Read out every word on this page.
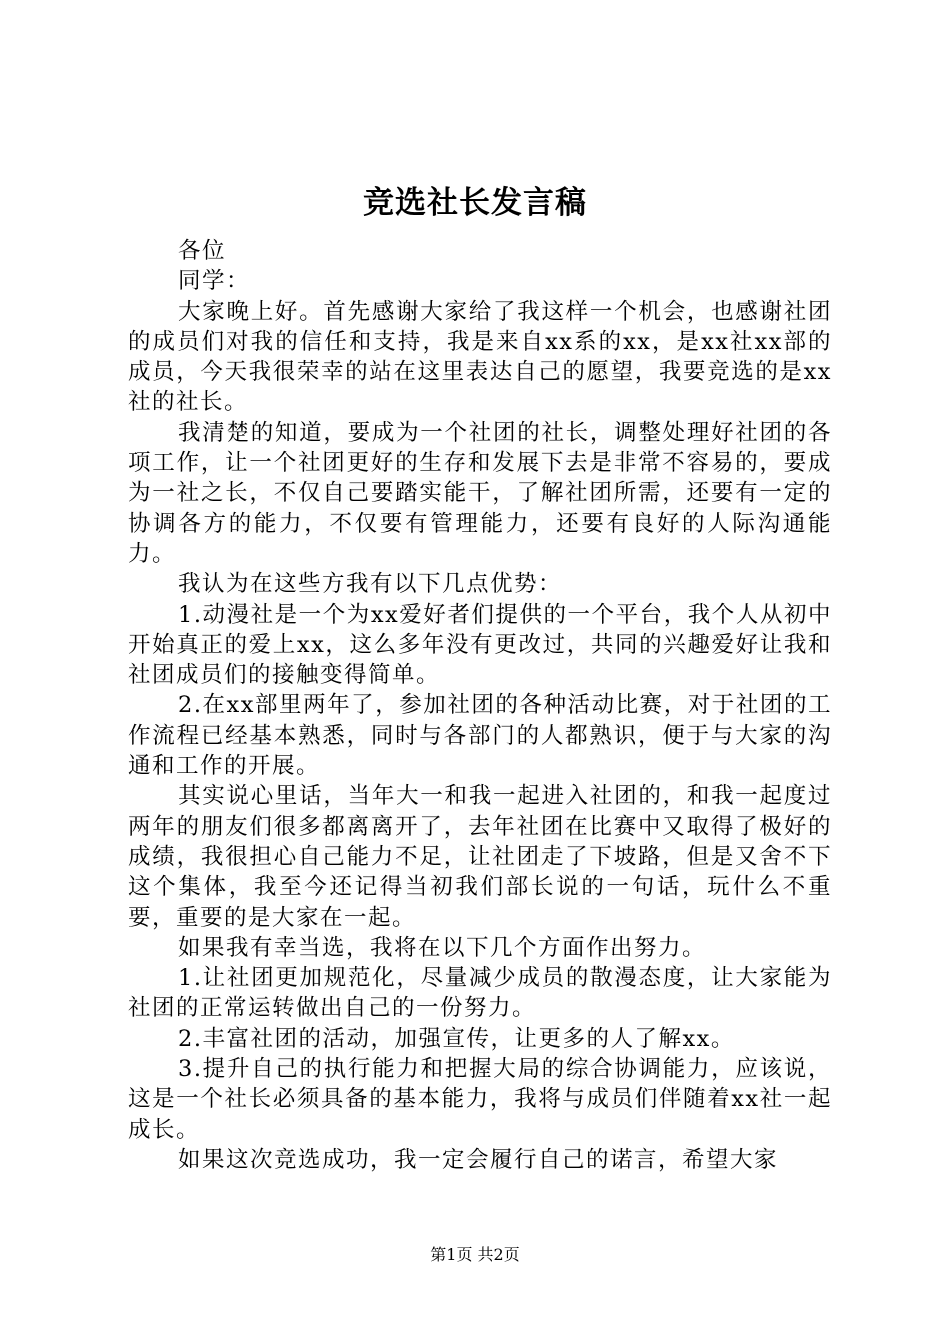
竞选社长发言稿

各位

同学：

大家晚上好。首先感谢大家给了我这样一个机会，也感谢社团的成员们对我的信任和支持，我是来自xx系的xx，是xx社xx部的成员，今天我很荣幸的站在这里表达自己的愿望，我要竞选的是xx社的社长。

我清楚的知道，要成为一个社团的社长，调整处理好社团的各项工作，让一个社团更好的生存和发展下去是非常不容易的，要成为一社之长，不仅自己要踏实能干，了解社团所需，还要有一定的协调各方的能力，不仅要有管理能力，还要有良好的人际沟通能力。

我认为在这些方我有以下几点优势：

1.动漫社是一个为xx爱好者们提供的一个平台，我个人从初中开始真正的爱上xx，这么多年没有更改过，共同的兴趣爱好让我和社团成员们的接触变得简单。

2.在xx部里两年了，参加社团的各种活动比赛，对于社团的工作流程已经基本熟悉，同时与各部门的人都熟识，便于与大家的沟通和工作的开展。

其实说心里话，当年大一和我一起进入社团的，和我一起度过两年的朋友们很多都离离开了，去年社团在比赛中又取得了极好的成绩，我很担心自己能力不足，让社团走了下坡路，但是又舍不下这个集体，我至今还记得当初我们部长说的一句话，玩什么不重要，重要的是大家在一起。

如果我有幸当选，我将在以下几个方面作出努力。

1.让社团更加规范化，尽量减少成员的散漫态度，让大家能为社团的正常运转做出自己的一份努力。

2.丰富社团的活动，加强宣传，让更多的人了解xx。

3.提升自己的执行能力和把握大局的综合协调能力，应该说，这是一个社长必须具备的基本能力，我将与成员们伴随着xx社一起成长。

如果这次竞选成功，我一定会履行自己的诺言，希望大家

第1页 共2页
